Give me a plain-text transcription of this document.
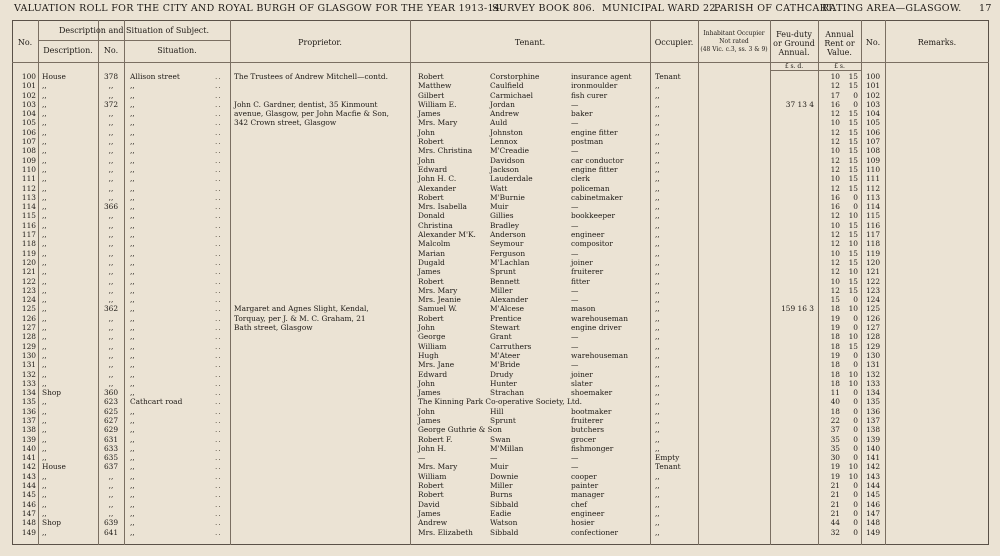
VALUATION ROLL FOR THE CITY AND ROYAL BURGH OF GLASGOW FOR THE YEAR 1913-14.
SURVEY BOOK 806. MUNICIPAL WARD 22.
PARISH OF CATHCART.
RATING AREA—GLASGOW. 17
No.
Description and Situation of Subject.
Description.	No.	Situation.
Proprietor.	Tenant.	Occupier.
Inhabitant Occupier
Not rated
(48 Vic. c.3, ss. 3 & 9)
Feu-duty
or Ground
Annual.
£ s. d.
Annual
Rent or
Value.
£ s.
No.	Remarks.
100 House	378	Allison street	.. The Trustees of Andrew Mitchell—contd.	Robert	Corstorphine	insurance agent	Tenant	10	15	100
101 ,,	,,	,,	..	Matthew	Caulfield	ironmoulder	,,	12	15	101
102 ,,	,,	,,	..	Gilbert	Carmichael	fish curer	,,	17	0	102
103 ,,	372	,,	.. John C. Gardner, dentist, 35 Kinmount	William E.	Jordan	—	,,	37 13 4	16	0	103
104 ,,	,,	,,	.. avenue, Glasgow, per John Macfie & Son,	James	Andrew	baker	,,	12	15	104
105 ,,	,,	,,	.. 342 Crown street, Glasgow	Mrs. Mary	Auld	—	,,	10	15	105
106 ,,	,,	,,	..	John	Johnston	engine fitter	,,	12	15	106
107 ,,	,,	,,	..	Robert	Lennox	postman	,,	12	15	107
108 ,,	,,	,,	..	Mrs. Christina M'Creadie	—	,,	10	15	108
109 ,,	,,	,,	..	John	Davidson	car conductor	,,	12	15	109
110 ,,	,,	,,	..	Edward	Jackson	engine fitter	,,	12	15	110
111 ,,	,,	,,	..	John H. C.	Lauderdale	clerk	,,	10	15	111
112 ,,	,,	,,	..	Alexander	Watt	policeman	,,	12	15	112
113 ,,	,,	,,	..	Robert	M'Burnie	cabinetmaker	,,	16	0	113
114 ,,	366	,,	..	Mrs. Isabella	Muir	—	,,	16	0	114
115 ,,	,,	,,	..	Donald	Gillies	bookkeeper	,,	12	10	115
116 ,,	,,	,,	..	Christina	Bradley	—	,,	10	15	116
117 ,,	,,	,,	..	Alexander M'K. Anderson	engineer	,,	12	15	117
118 ,,	,,	,,	..	Malcolm	Seymour	compositor	,,	12	10	118
119 ,,	,,	,,	..	Marian	Ferguson	—	,,	10	15	119
120 ,,	,,	,,	..	Dugald	M'Lachlan	joiner	,,	12	15	120
121 ,,	,,	,,	..	James	Sprunt	fruiterer	,,	12	10	121
122 ,,	,,	,,	..	Robert	Bennett	fitter	,,	10	15	122
123 ,,	,,	,,	..	Mrs. Mary	Miller	—	,,	12	15	123
124 ,,	,,	,,	..	Mrs. Jeanie	Alexander	—	,,	15	0	124
125 ,,	362	,,	.. Margaret and Agnes Slight, Kendal,	Samuel W.	M'Alcese	mason	,,	159 16 3	18	10	125
126 ,,	,,	,,	.. Torquay, per J. & M. C. Graham, 21	Robert	Prentice	warehouseman	,,	19	0	126
127 ,,	,,	,,	.. Bath street, Glasgow	John	Stewart	engine driver	,,	19	0	127
128 ,,	,,	,,	..	George	Grant	—	,,	18	10	128
129 ,,	,,	,,	..	William	Carruthers	—	,,	18	15	129
130 ,,	,,	,,	..	Hugh	M'Ateer	warehouseman	,,	19	0	130
131 ,,	,,	,,	..	Mrs. Jane	M'Bride	—	,,	18	0	131
132 ,,	,,	,,	..	Edward	Drudy	joiner	,,	18	10	132
133 ,,	,,	,,	..	John	Hunter	slater	,,	18	10	133
134 Shop	360	,,	..	James	Strachan	shoemaker	,,	11	0	134
135 ,,	623	Cathcart road	..	The Kinning Park Co-operative Society, Ltd.	,,	40	0	135
136 ,,	625	,,	..	John	Hill	bootmaker	,,	18	0	136
137 ,,	627	,,	..	James	Sprunt	fruiterer	,,	22	0	137
138 ,,	629	,,	..	George Guthrie & Son	butchers	,,	37	0	138
139 ,,	631	,,	..	Robert F.	Swan	grocer	,,	35	0	139
140 ,,	633	,,	..	John H.	M'Millan	fishmonger	,,	35	0	140
141 ,,	635	,,	..	—	—	—	Empty	30	0	141
142 House	637	,,	..	Mrs. Mary	Muir	—	Tenant	19	10	142
143 ,,	,,	,,	..	William	Downie	cooper	,,	19	10	143
144 ,,	,,	,,	..	Robert	Miller	painter	,,	21	0	144
145 ,,	,,	,,	..	Robert	Burns	manager	,,	21	0	145
146 ,,	,,	,,	..	David	Sibbald	chef	,,	21	0	146
147 ,,	,,	,,	..	James	Eadie	engineer	,,	21	0	147
148 Shop	639	,,	..	Andrew	Watson	hosier	,,	44	0	148
149 ,,	641	,,	..	Mrs. Elizabeth Sibbald	confectioner	,,	32	0	149
